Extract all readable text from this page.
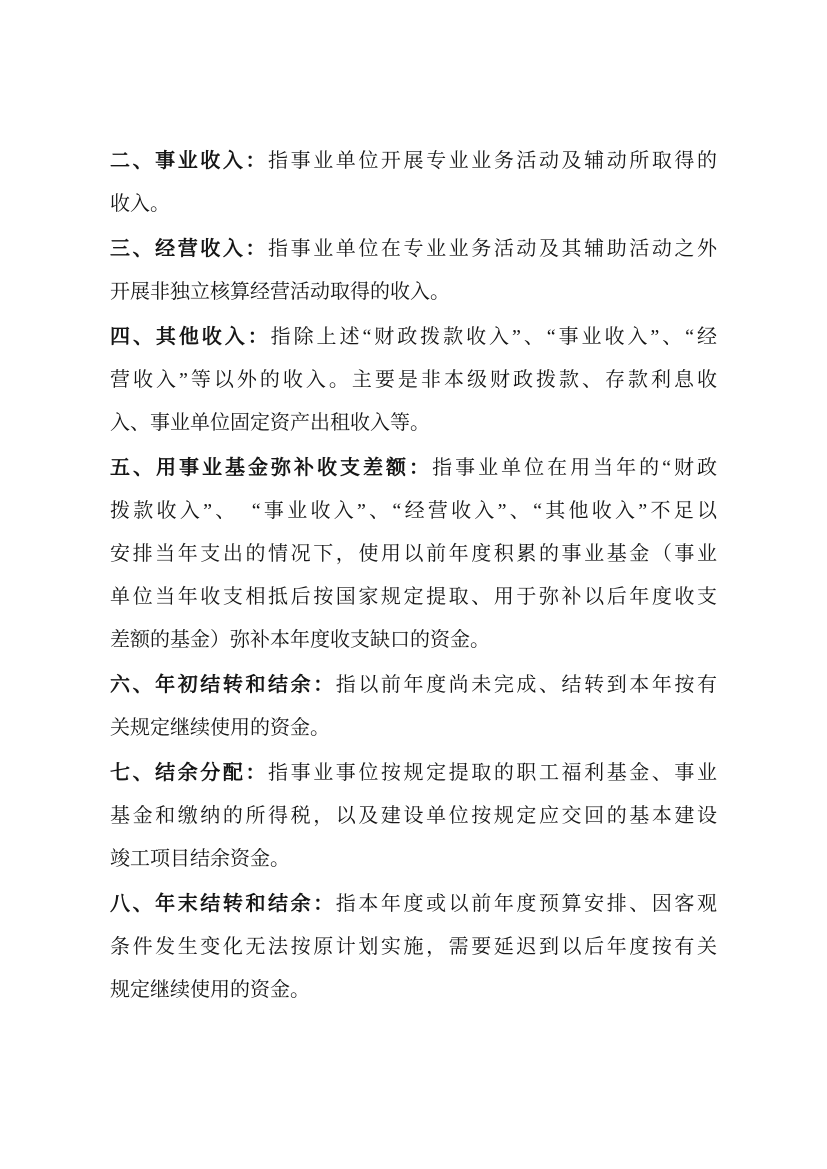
二、事业收入：指事业单位开展专业业务活动及辅动所取得的
收入。
三、经营收入：指事业单位在专业业务活动及其辅助活动之外
开展非独立核算经营活动取得的收入。
四、其他收入：指除上述“财政拨款收入”、“事业收入”、“经
营收入”等以外的收入。主要是非本级财政拨款、存款利息收
入、事业单位固定资产出租收入等。
五、用事业基金弥补收支差额：指事业单位在用当年的“财政
拨款收入”、　“事业收入”、“经营收入”、“其他收入”不足以
安排当年支出的情况下，使用以前年度积累的事业基金（事业
单位当年收支相抵后按国家规定提取、用于弥补以后年度收支
差额的基金）弥补本年度收支缺口的资金。
六、年初结转和结余：指以前年度尚未完成、结转到本年按有
关规定继续使用的资金。
七、结余分配：指事业事位按规定提取的职工福利基金、事业
基金和缴纳的所得税，以及建设单位按规定应交回的基本建设
竣工项目结余资金。
八、年末结转和结余：指本年度或以前年度预算安排、因客观
条件发生变化无法按原计划实施，需要延迟到以后年度按有关
规定继续使用的资金。
